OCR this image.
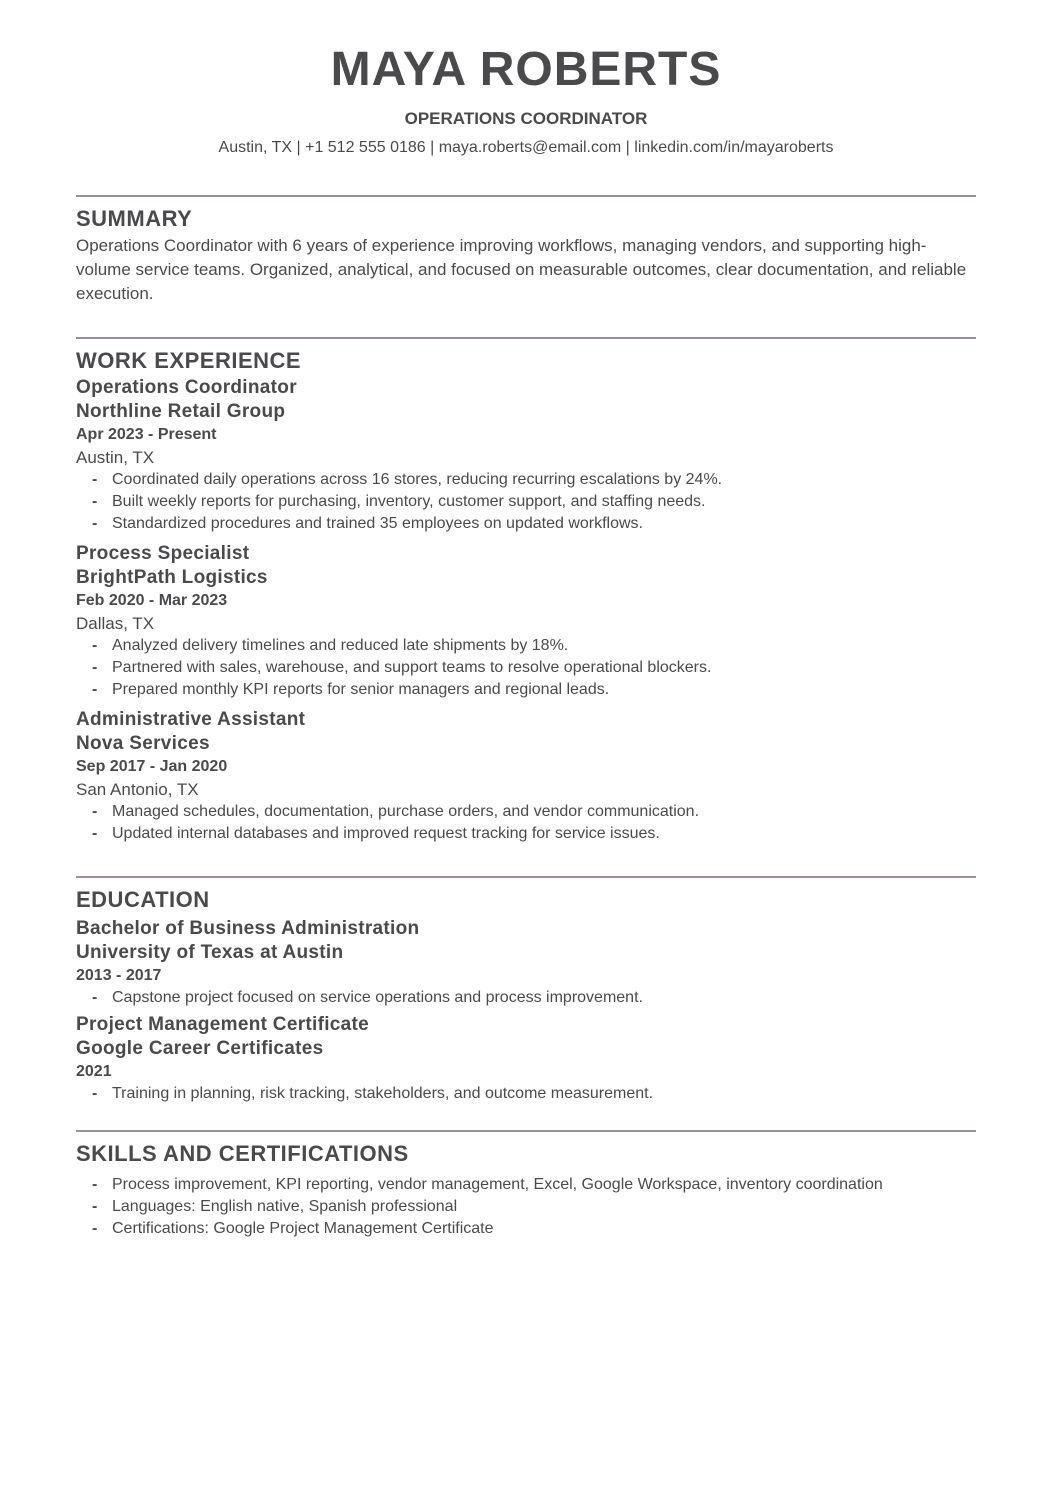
MAYA ROBERTS
OPERATIONS COORDINATOR
Austin, TX | +1 512 555 0186 | maya.roberts@email.com | linkedin.com/in/mayaroberts
SUMMARY
Operations Coordinator with 6 years of experience improving workflows, managing vendors, and supporting high-volume service teams. Organized, analytical, and focused on measurable outcomes, clear documentation, and reliable execution.
WORK EXPERIENCE
Operations Coordinator
Northline Retail Group
Apr 2023 - Present
Austin, TX
- Coordinated daily operations across 16 stores, reducing recurring escalations by 24%.
- Built weekly reports for purchasing, inventory, customer support, and staffing needs.
- Standardized procedures and trained 35 employees on updated workflows.
Process Specialist
BrightPath Logistics
Feb 2020 - Mar 2023
Dallas, TX
- Analyzed delivery timelines and reduced late shipments by 18%.
- Partnered with sales, warehouse, and support teams to resolve operational blockers.
- Prepared monthly KPI reports for senior managers and regional leads.
Administrative Assistant
Nova Services
Sep 2017 - Jan 2020
San Antonio, TX
- Managed schedules, documentation, purchase orders, and vendor communication.
- Updated internal databases and improved request tracking for service issues.
EDUCATION
Bachelor of Business Administration
University of Texas at Austin
2013 - 2017
- Capstone project focused on service operations and process improvement.
Project Management Certificate
Google Career Certificates
2021
- Training in planning, risk tracking, stakeholders, and outcome measurement.
SKILLS AND CERTIFICATIONS
- Process improvement, KPI reporting, vendor management, Excel, Google Workspace, inventory coordination
- Languages: English native, Spanish professional
- Certifications: Google Project Management Certificate
